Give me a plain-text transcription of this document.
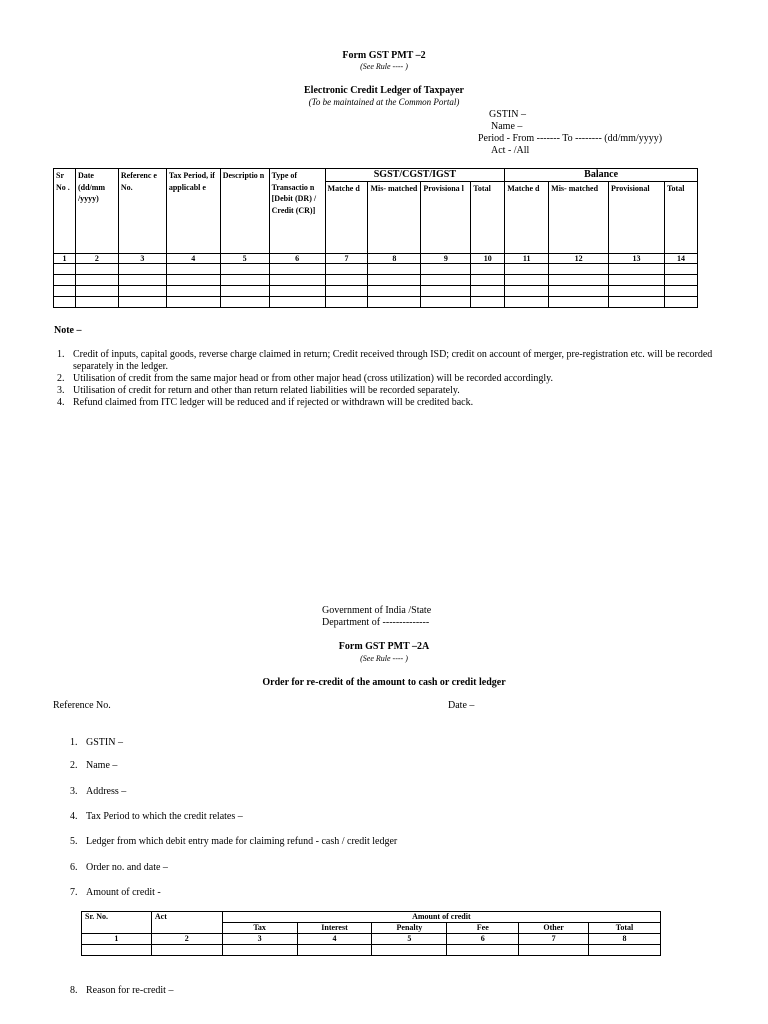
Form GST PMT –2
(See Rule ---- )
Electronic Credit Ledger of Taxpayer
(To be maintained at the Common Portal)
GSTIN –
Name –
Period - From ------- To -------- (dd/mm/yyyy)
Act - /All
Sr No .	Date (dd/mm /yyyy)	Referenc e No.	Tax Period, if applicabl e	Descriptio n	Type of Transactio n [Debit (DR) / Credit (CR)]	SGST/CGST/IGST				Balance			
						Matche d	Mis- matched	Provisiona l	Total	Matche d	Mis- matched	Provisional	Total
1	2	3	4	5	6	7	8	9	10	11	12	13	14

Note –
1. Credit of inputs, capital goods, reverse charge claimed in return; Credit received through ISD; credit on account of merger, pre-registration etc. will be recorded separately in the ledger.
2. Utilisation of credit from the same major head or from other major head (cross utilization) will be recorded accordingly.
3. Utilisation of credit for return and other than return related liabilities will be recorded separately.
4. Refund claimed from ITC ledger will be reduced and if rejected or withdrawn will be credited back.
Government of India /State
Department of --------------
Form GST PMT –2A
(See Rule ---- )
Order for re-credit of the amount to cash or credit ledger
Reference No.	Date –
1. GSTIN –
2. Name –
3. Address –
4. Tax Period to which the credit relates –
5. Ledger from which debit entry made for claiming refund - cash / credit ledger
6. Order no. and date –
7. Amount of credit -
8. Reason for re-credit –
Sr. No.	Act	Amount of credit					
		Tax	Interest	Penalty	Fee	Other	Total
1	2	3	4	5	6	7	8
